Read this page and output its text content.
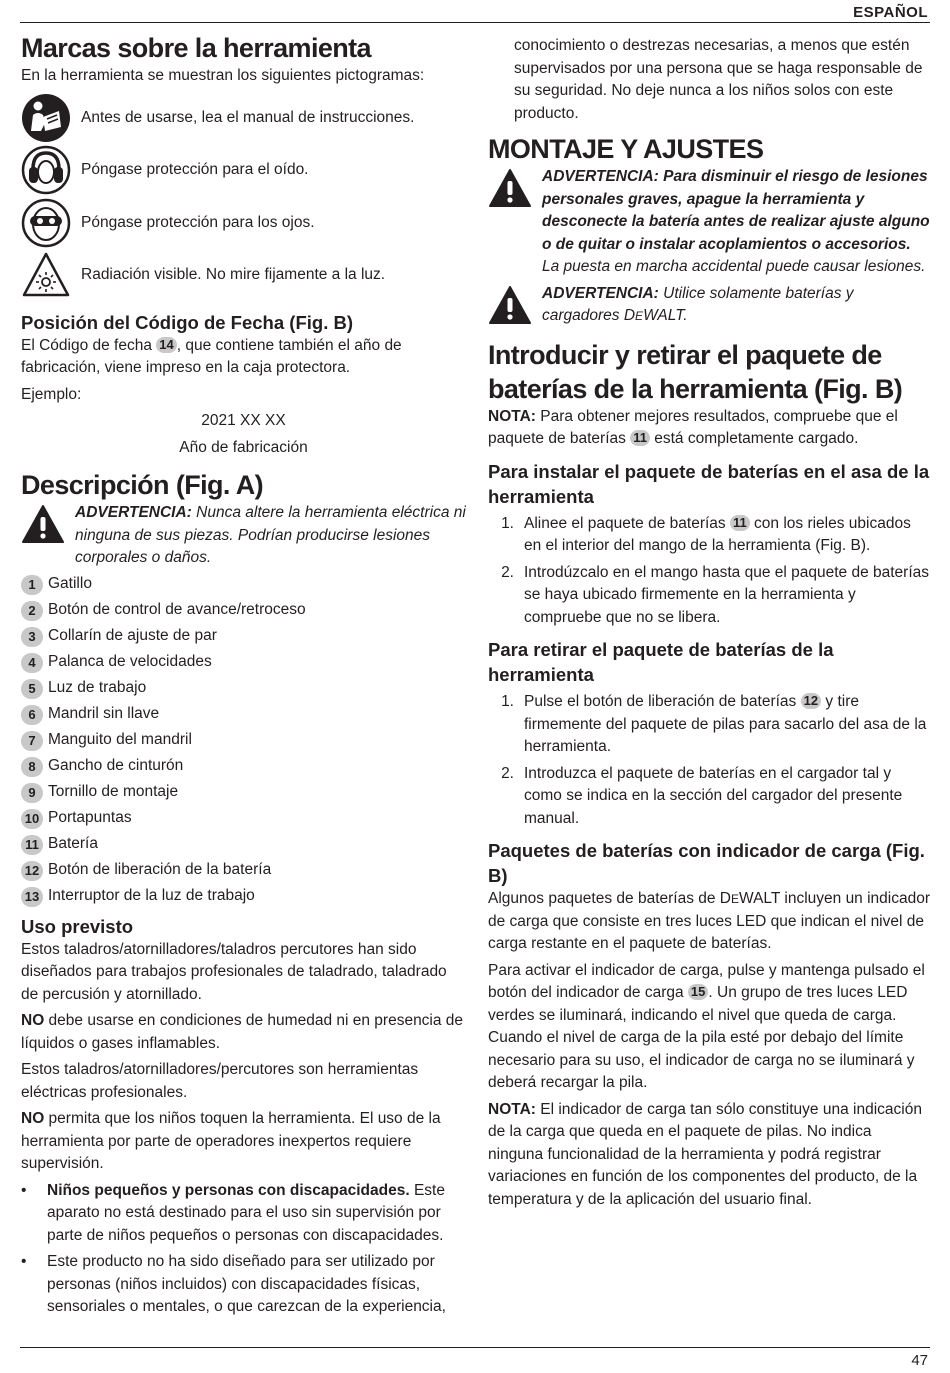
ESPAÑOL
Marcas sobre la herramienta

En la herramienta se muestran los siguientes pictogramas:

Antes de usarse, lea el manual de instrucciones.
Póngase protección para el oído.
Póngase protección para los ojos.
Radiación visible. No mire fijamente a la luz.
Posición del Código de Fecha (Fig. B)

El Código de fecha 14 , que contiene también el año de fabricación, viene impreso en la caja protectora.

Ejemplo:

2021 XX XX

Año de fabricación

Descripción (Fig. A)

ADVERTENCIA: Nunca altere la herramienta eléctrica ni ninguna de sus piezas. Podrían producirse lesiones corporales o daños.

1 Gatillo
2 Botón de control de avance/retroceso
3 Collarín de ajuste de par
4 Palanca de velocidades
5 Luz de trabajo
6 Mandril sin llave
7 Manguito del mandril
8 Gancho de cinturón
9 Tornillo de montaje
10 Portapuntas
11 Batería
12 Botón de liberación de la batería
13 Interruptor de la luz de trabajo
Uso previsto

Estos taladros/atornilladores/taladros percutores han sido diseñados para trabajos profesionales de taladrado, taladrado de percusión y atornillado.

NO debe usarse en condiciones de humedad ni en presencia de líquidos o gases inflamables.

Estos taladros/atornilladores/percutores son herramientas eléctricas profesionales.

NO permita que los niños toquen la herramienta. El uso de la herramienta por parte de operadores inexpertos requiere supervisión.

•	Niños pequeños y personas con discapacidades. Este aparato no está destinado para el uso sin supervisión por parte de niños pequeños o personas con discapacidades.

•	Este producto no ha sido diseñado para ser utilizado por personas (niños incluidos) con discapacidades físicas, sensoriales o mentales, o que carezcan de la experiencia,

conocimiento o destrezas necesarias, a menos que estén supervisados por una persona que se haga responsable de su seguridad. No deje nunca a los niños solos con este producto.

MONTAJE Y AJUSTES

ADVERTENCIA: Para disminuir el riesgo de lesiones personales graves, apague la herramienta y desconecte la batería antes de realizar ajuste alguno o de quitar o instalar acoplamientos o accesorios. La puesta en marcha accidental puede causar lesiones.

ADVERTENCIA: Utilice solamente baterías y cargadores DEWALT.

Introducir y retirar el paquete de baterías de la herramienta (Fig. B)

NOTA: Para obtener mejores resultados, compruebe que el paquete de baterías 11 está completamente cargado.

Para instalar el paquete de baterías en el asa de la herramienta
1. Alinee el paquete de baterías 11 con los rieles ubicados en el interior del mango de la herramienta (Fig. B).
2. Introdúzcalo en el mango hasta que el paquete de baterías se haya ubicado firmemente en la herramienta y compruebe que no se libera.
Para retirar el paquete de baterías de la herramienta
1. Pulse el botón de liberación de baterías 12 y tire firmemente del paquete de pilas para sacarlo del asa de la herramienta.
2. Introduzca el paquete de baterías en el cargador tal y como se indica en la sección del cargador del presente manual.
Paquetes de baterías con indicador de carga (Fig. B)

Algunos paquetes de baterías de DEWALT incluyen un indicador de carga que consiste en tres luces LED que indican el nivel de carga restante en el paquete de baterías.

Para activar el indicador de carga, pulse y mantenga pulsado el botón del indicador de carga 15 . Un grupo de tres luces LED verdes se iluminará, indicando el nivel que queda de carga. Cuando el nivel de carga de la pila esté por debajo del límite necesario para su uso, el indicador de carga no se iluminará y deberá recargar la pila.

NOTA: El indicador de carga tan sólo constituye una indicación de la carga que queda en el paquete de pilas. No indica ninguna funcionalidad de la herramienta y podrá registrar variaciones en función de los componentes del producto, de la temperatura y de la aplicación del usuario final.

47
